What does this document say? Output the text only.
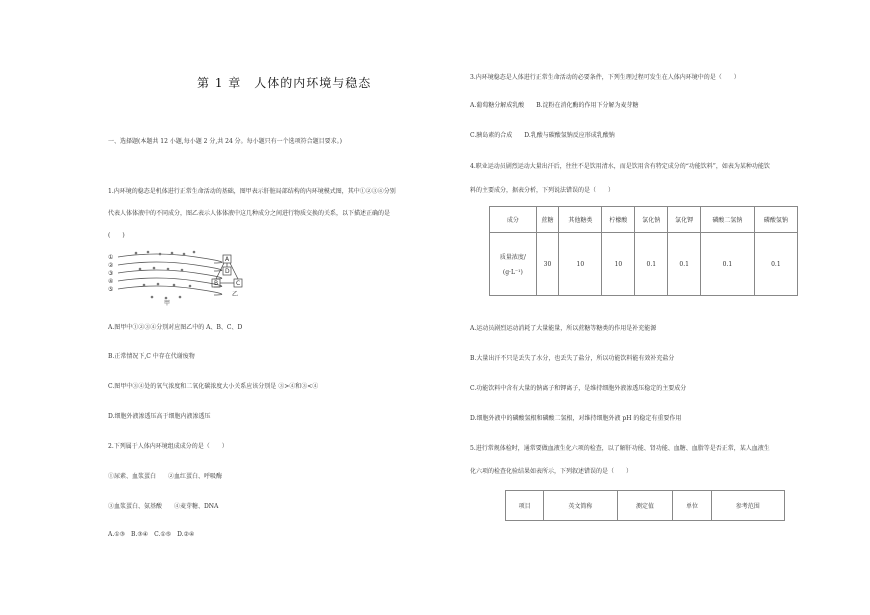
第 1 章　人体的内环境与稳态
一、选择题(本题共 12 小题,每小题 2 分,共 24 分。每小题只有一个选项符合题目要求。)
1.内环境的稳态是机体进行正常生命活动的基础，图甲表示肝脏局部结构的内环境模式图，其中①②③④分别
代表人体体液中的不同成分，图乙表示人体体液中这几种成分之间进行物质交换的关系，以下描述正确的是
(　　)
①
②
③
④
⑤
甲
A
D
B	C
乙
A.图甲中①②③④分别对应图乙中的 A、B、C、D
B.正常情况下,C 中存在代谢废物
C.图甲中③④处的氧气浓度和二氧化碳浓度大小关系应该分别是 ③>④和③<④
D.细胞外液渗透压高于细胞内液渗透压
2.下列属于人体内环境组成成分的是（　　）
①尿素、血浆蛋白　　②血红蛋白、呼吸酶
③血浆蛋白、氨基酸　　④麦芽糖、DNA
A.①③　B.③④　C.①⑤　D.②④
3.内环境稳态是人体进行正常生命活动的必要条件，下列生理过程可发生在人体内环境中的是（　　）
A.葡萄糖分解成乳酸　　B.淀粉在消化酶的作用下分解为麦芽糖
C.胰岛素的合成　　D.乳酸与碳酸氢钠反应形成乳酸钠
4.职业运动员剧烈运动大量出汗后，往往不是饮用清水，而是饮用含有特定成分的“功能饮料”，如表为某种功能饮
料的主要成分，据表分析，下列说法错误的是（　　）
成分	蔗糖	其他糖类	柠檬酸	氯化钠	氯化钾	磷酸二氢钠	磷酸氢钠

质量浓度/
(g·L⁻¹)	30	10	10	0.1	0.1	0.1	0.1
A.运动员剧烈运动消耗了大量能量，所以蔗糖等糖类的作用是补充能源
B.大量出汗不只是丢失了水分，也丢失了盐分，所以功能饮料能有效补充盐分
C.功能饮料中含有大量的钠离子和钾离子，是维持细胞外液渗透压稳定的主要成分
D.细胞外液中的磷酸氢根和磷酸二氢根，对维持细胞外液 pH 的稳定有重要作用
5.进行常规体检时，通常要做血液生化六项的检查，以了解肝功能、肾功能、血糖、血脂等是否正常，某人血液生
化六项的检查化验结果如表所示，下列叙述错误的是（　　）
项目	英文简称	测定值	单位	参考范围
